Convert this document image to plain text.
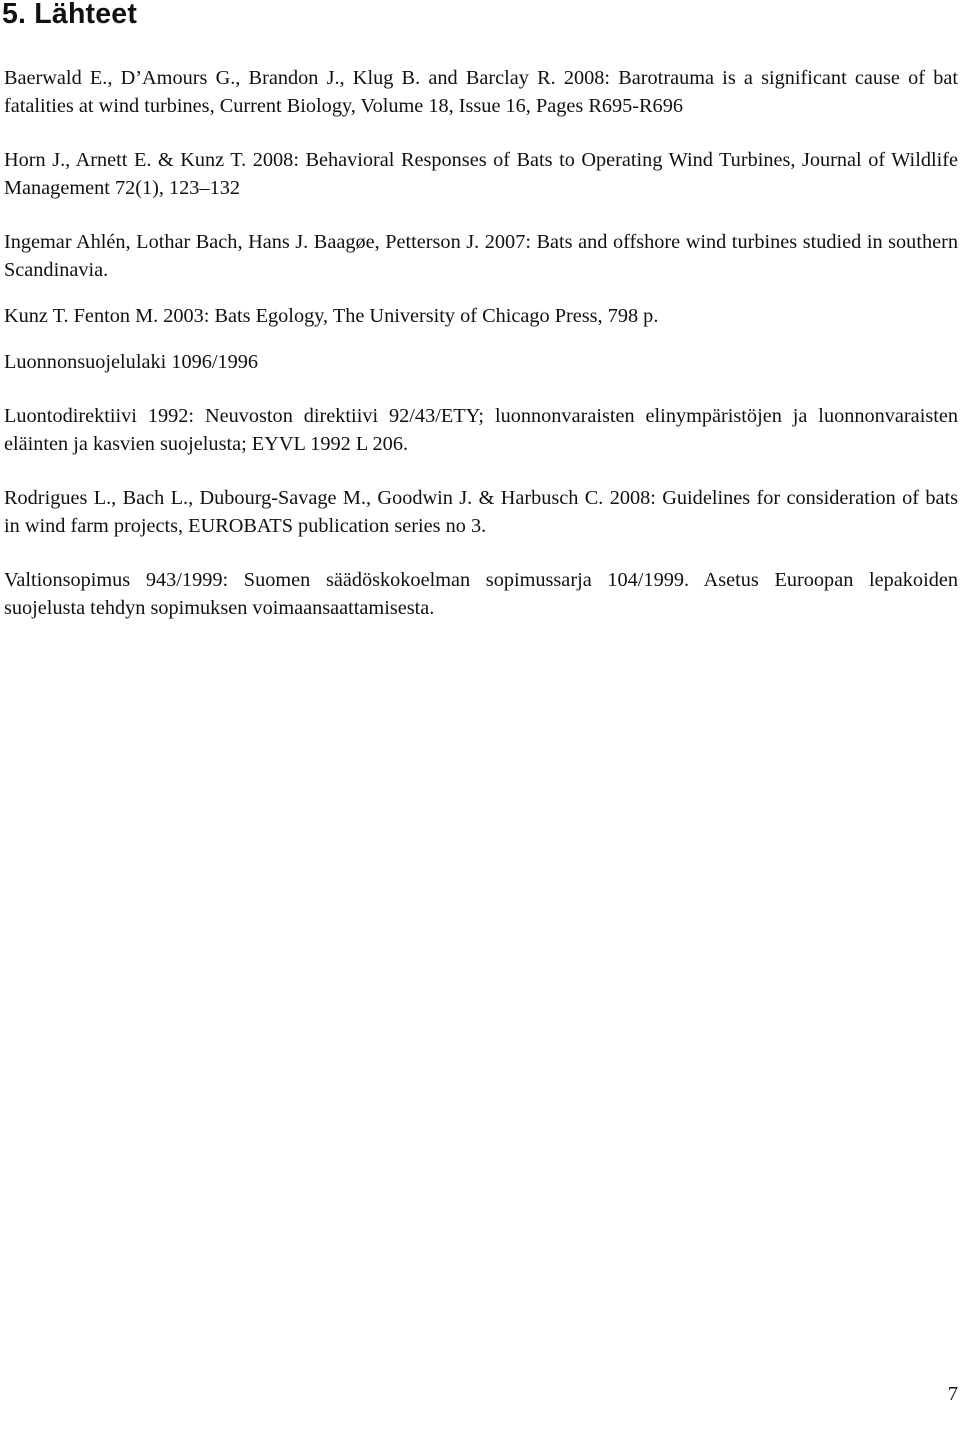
5. Lähteet

Baerwald E., D’Amours G., Brandon J., Klug B. and Barclay R. 2008: Barotrauma is a significant cause of bat fatalities at wind turbines, Current Biology, Volume 18, Issue 16, Pages R695-R696

Horn J., Arnett E. & Kunz T. 2008: Behavioral Responses of Bats to Operating Wind Turbines, Journal of Wildlife Management 72(1), 123–132

Ingemar Ahlén, Lothar Bach, Hans J. Baagøe, Petterson J. 2007: Bats and offshore wind turbines studied in southern Scandinavia.

Kunz T. Fenton M. 2003: Bats Egology, The University of Chicago Press, 798 p.

Luonnonsuojelulaki 1096/1996

Luontodirektiivi 1992: Neuvoston direktiivi 92/43/ETY; luonnonvaraisten elinympäristöjen ja luonnonvaraisten eläinten ja kasvien suojelusta; EYVL 1992 L 206.

Rodrigues L., Bach L., Dubourg-Savage M., Goodwin J. & Harbusch C. 2008: Guidelines for consideration of bats in wind farm projects, EUROBATS publication series no 3.

Valtionsopimus 943/1999: Suomen säädöskokoelman sopimussarja 104/1999. Asetus Euroopan lepakoiden suojelusta tehdyn sopimuksen voimaansaattamisesta.

7
